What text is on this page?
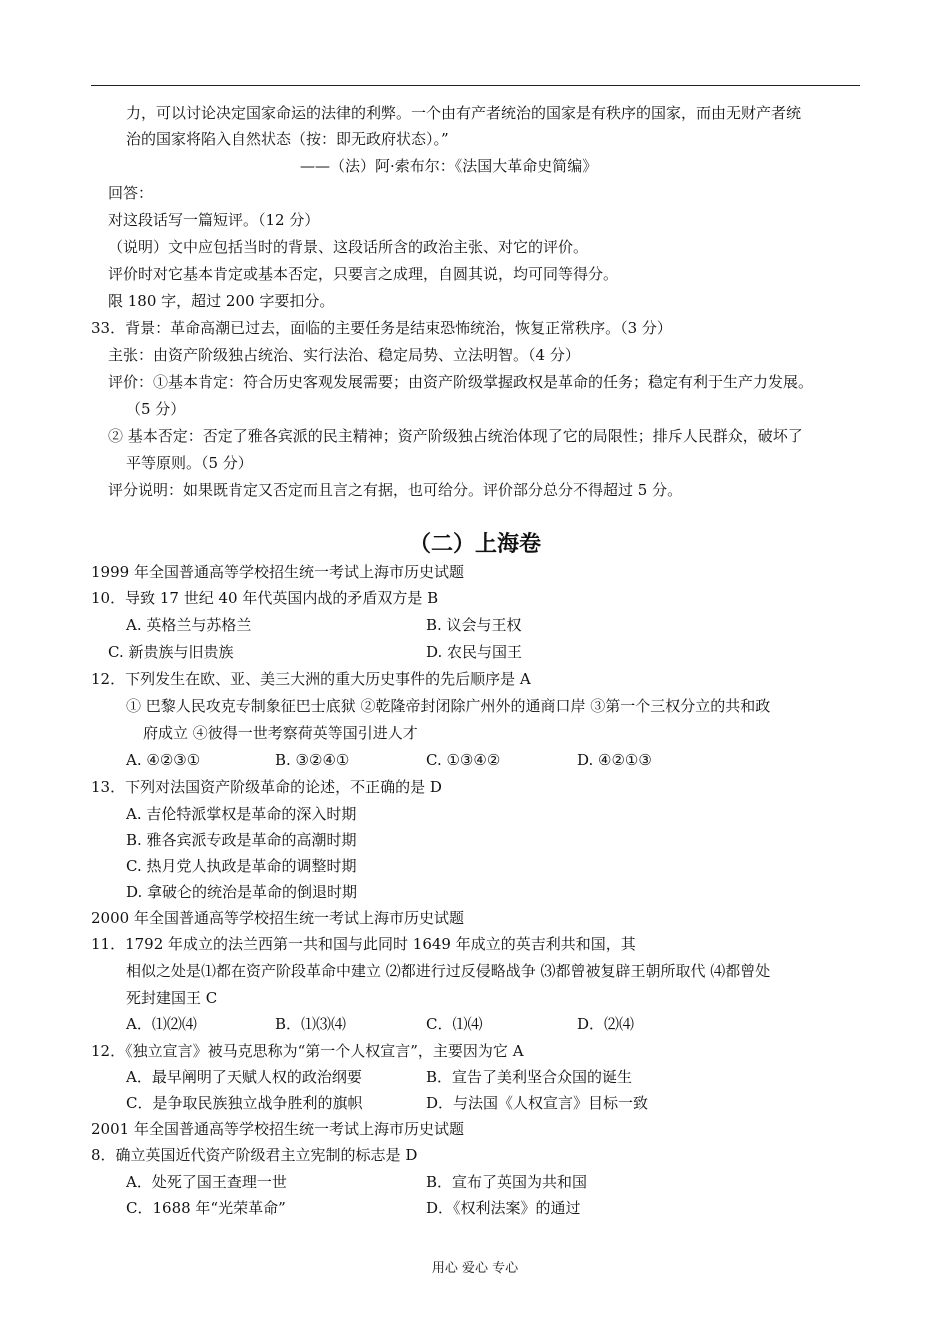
力，可以讨论决定国家命运的法律的利弊。一个由有产者统治的国家是有秩序的国家，而由无财产者统
治的国家将陷入自然状态（按：即无政府状态）。”
——（法）阿·索布尔：《法国大革命史简编》
回答：
对这段话写一篇短评。（12 分）
（说明）文中应包括当时的背景、这段话所含的政治主张、对它的评价。
评价时对它基本肯定或基本否定，只要言之成理，自圆其说，均可同等得分。
限 180 字，超过 200 字要扣分。
33．背景：革命高潮已过去，面临的主要任务是结束恐怖统治，恢复正常秩序。（3 分）
主张：由资产阶级独占统治、实行法治、稳定局势、立法明智。（4 分）
评价：①基本肯定：符合历史客观发展需要；由资产阶级掌握政权是革命的任务；稳定有利于生产力发展。
（5 分）
② 基本否定：否定了雅各宾派的民主精神；资产阶级独占统治体现了它的局限性；排斥人民群众，破坏了
平等原则。（5 分）
评分说明：如果既肯定又否定而且言之有据，也可给分。评价部分总分不得超过 5 分。
（二）上海卷
1999 年全国普通高等学校招生统一考试上海市历史试题
10．导致 17 世纪 40 年代英国内战的矛盾双方是 B
A. 英格兰与苏格兰	B. 议会与王权
C. 新贵族与旧贵族	D. 农民与国王
12．下列发生在欧、亚、美三大洲的重大历史事件的先后顺序是 A
① 巴黎人民攻克专制象征巴士底狱 ②乾隆帝封闭除广州外的通商口岸 ③第一个三权分立的共和政
府成立 ④彼得一世考察荷英等国引进人才
A. ④②③①	B. ③②④①	C. ①③④②	D. ④②①③
13．下列对法国资产阶级革命的论述，不正确的是 D
A. 吉伦特派掌权是革命的深入时期
B. 雅各宾派专政是革命的高潮时期
C. 热月党人执政是革命的调整时期
D. 拿破仑的统治是革命的倒退时期
2000 年全国普通高等学校招生统一考试上海市历史试题
11．1792 年成立的法兰西第一共和国与此同时 1649 年成立的英吉利共和国，其
相似之处是⑴都在资产阶段革命中建立 ⑵都进行过反侵略战争 ⑶都曾被复辟王朝所取代 ⑷都曾处
死封建国王 C
A．⑴⑵⑷	B．⑴⑶⑷	C．⑴⑷	D．⑵⑷
12．《独立宣言》被马克思称为“第一个人权宣言”，主要因为它 A
A．最早阐明了天赋人权的政治纲要	B．宣告了美利坚合众国的诞生
C．是争取民族独立战争胜利的旗帜	D．与法国《人权宣言》目标一致
2001 年全国普通高等学校招生统一考试上海市历史试题
8．确立英国近代资产阶级君主立宪制的标志是 D
A．处死了国王查理一世	B．宣布了英国为共和国
C．1688 年“光荣革命”	D．《权利法案》的通过
用心 爱心 专心
